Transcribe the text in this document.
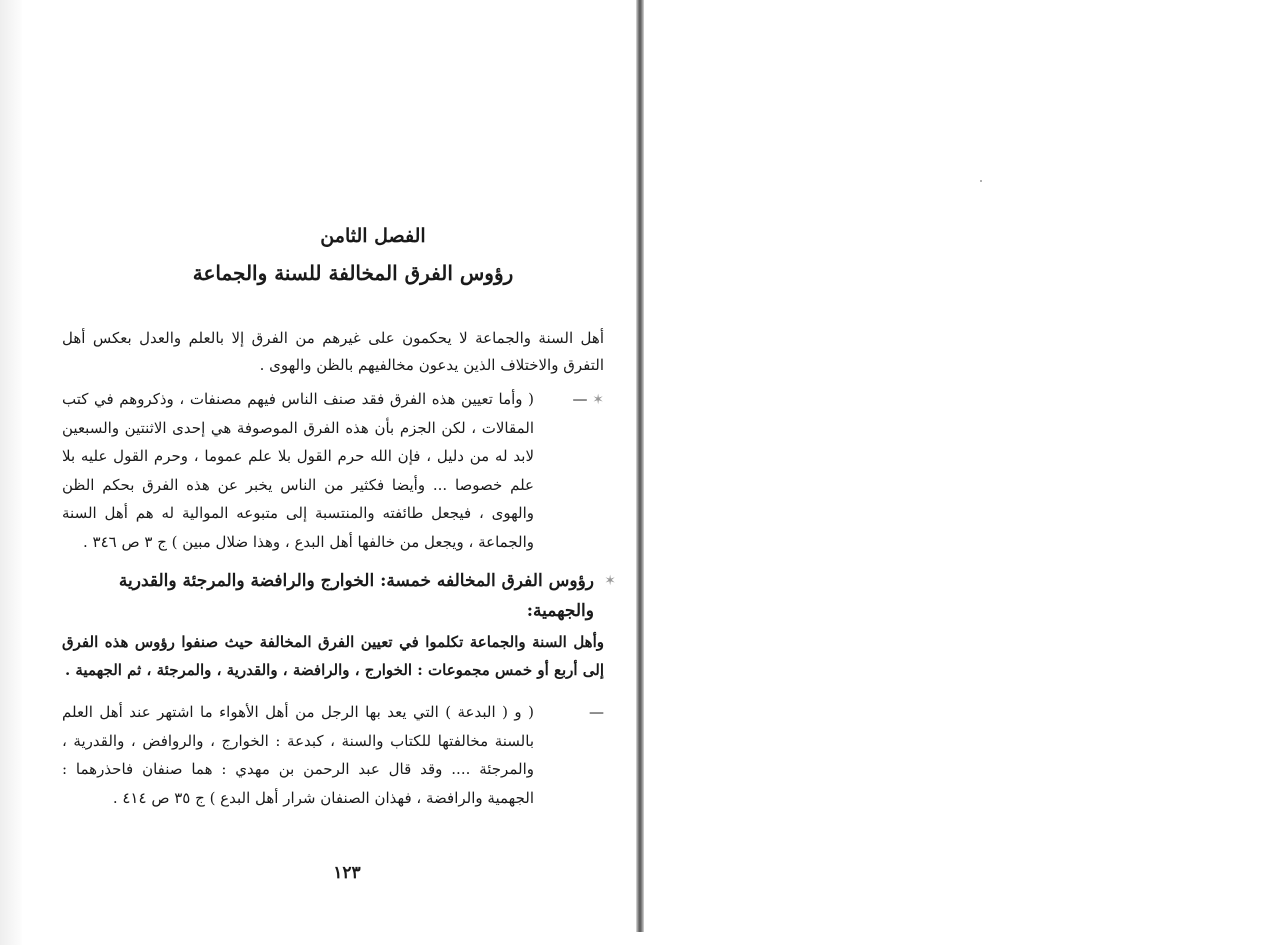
الفصل الثامن
رؤوس الفرق المخالفة للسنة والجماعة

أهل السنة والجماعة لا يحكمون على غيرهم من الفرق إلا بالعلم والعدل بعكس أهل التفرق والاختلاف الذين يدعون مخالفيهم بالظن والهوى .

✶ —
( وأما تعيين هذه الفرق فقد صنف الناس فيهم مصنفات ، وذكروهم في كتب المقالات ، لكن الجزم بأن هذه الفرق الموصوفة هي إحدى الاثنتين والسبعين لابد له من دليل ، فإن الله حرم القول بلا علم عموما ، وحرم القول عليه بلا علم خصوصا ... وأيضا فكثير من الناس يخبر عن هذه الفرق بحكم الظن والهوى ، فيجعل طائفته والمنتسبة إلى متبوعه الموالية له هم أهل السنة والجماعة ، ويجعل من خالفها أهل البدع ، وهذا ضلال مبين ) ج ٣ ص ٣٤٦ .
✶
رؤوس الفرق المخالفه خمسة: الخوارج والرافضة والمرجئة والقدرية والجهمية:

وأهل السنة والجماعة تكلموا في تعيين الفرق المخالفة حيث صنفوا رؤوس هذه الفرق إلى أربع أو خمس مجموعات : الخوارج ، والرافضة ، والقدرية ، والمرجئة ، ثم الجهمية .

—
( و ( البدعة ) التي يعد بها الرجل من أهل الأهواء ما اشتهر عند أهل العلم بالسنة مخالفتها للكتاب والسنة ، كبدعة : الخوارج ، والروافض ، والقدرية ، والمرجئة .... وقد قال عبد الرحمن بن مهدي : هما صنفان فاحذرهما : الجهمية والرافضة ، فهذان الصنفان شرار أهل البدع ) ج ٣٥ ص ٤١٤ .
١٢٣
